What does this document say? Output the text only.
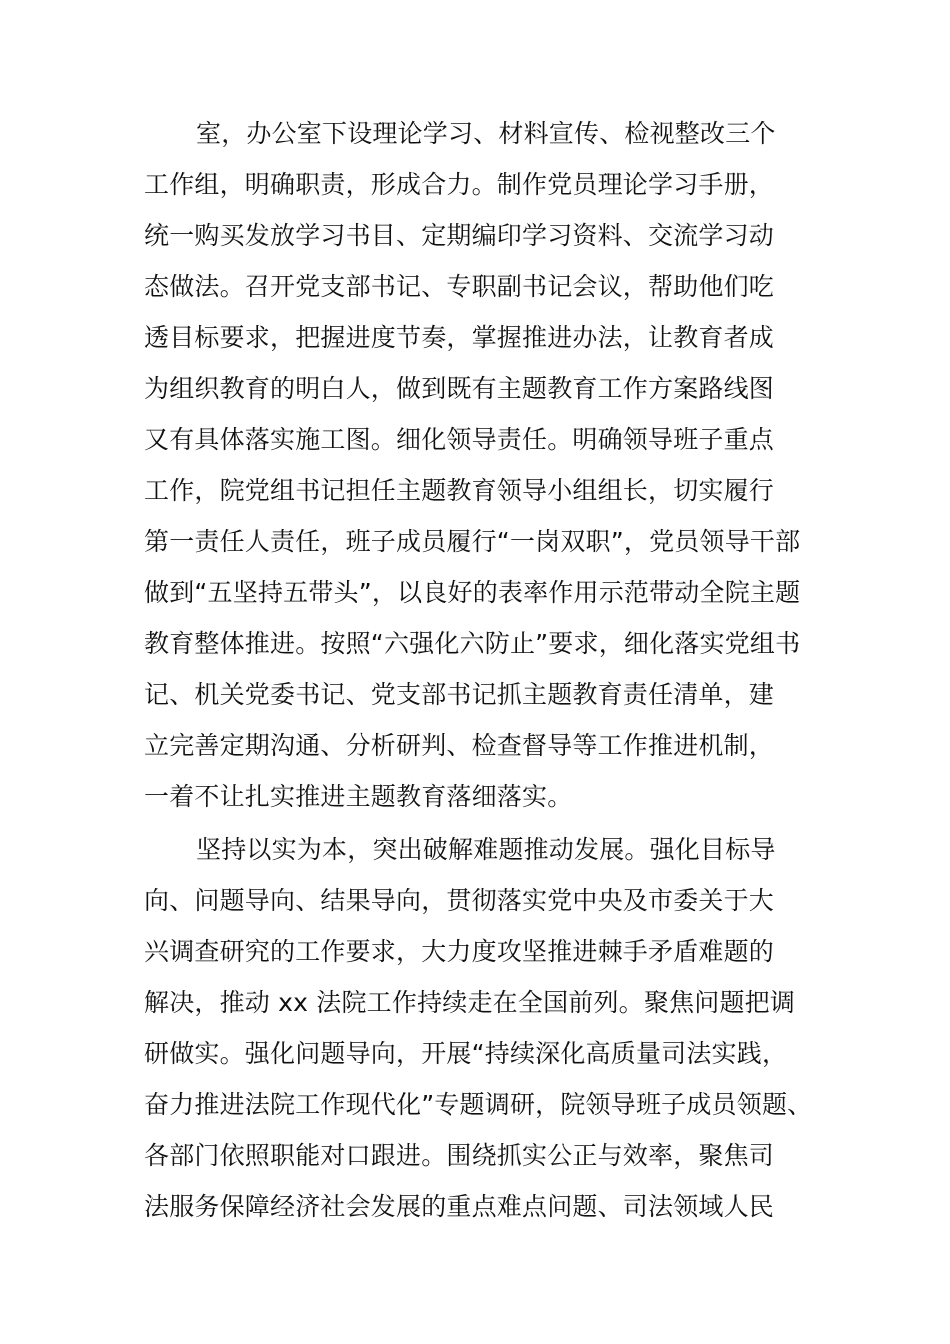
室，办公室下设理论学习、材料宣传、检视整改三个
工作组，明确职责，形成合力。制作党员理论学习手册，
统一购买发放学习书目、定期编印学习资料、交流学习动
态做法。召开党支部书记、专职副书记会议，帮助他们吃
透目标要求，把握进度节奏，掌握推进办法，让教育者成
为组织教育的明白人，做到既有主题教育工作方案路线图
又有具体落实施工图。细化领导责任。明确领导班子重点
工作，院党组书记担任主题教育领导小组组长，切实履行
第一责任人责任，班子成员履行“一岗双职”，党员领导干部
做到“五坚持五带头”，以良好的表率作用示范带动全院主题
教育整体推进。按照“六强化六防止”要求，细化落实党组书
记、机关党委书记、党支部书记抓主题教育责任清单，建
立完善定期沟通、分析研判、检查督导等工作推进机制，
一着不让扎实推进主题教育落细落实。
坚持以实为本，突出破解难题推动发展。强化目标导
向、问题导向、结果导向，贯彻落实党中央及市委关于大
兴调查研究的工作要求，大力度攻坚推进棘手矛盾难题的
解决，推动 xx 法院工作持续走在全国前列。聚焦问题把调
研做实。强化问题导向，开展“持续深化高质量司法实践，
奋力推进法院工作现代化”专题调研，院领导班子成员领题、
各部门依照职能对口跟进。围绕抓实公正与效率，聚焦司
法服务保障经济社会发展的重点难点问题、司法领域人民
